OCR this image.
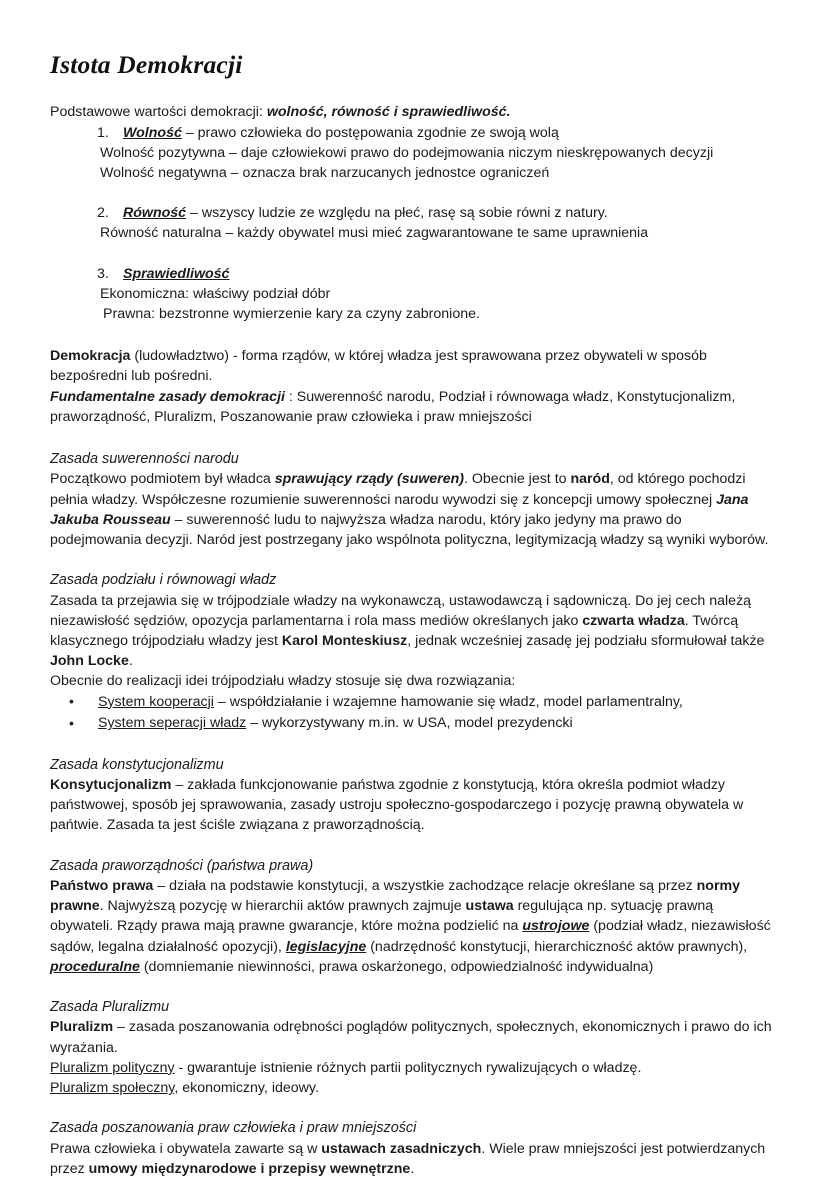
Istota Demokracji

Podstawowe wartości demokracji: wolność, równość i sprawiedliwość.

1. Wolność – prawo człowieka do postępowania zgodnie ze swoją wolą

Wolność pozytywna – daje człowiekowi prawo do podejmowania niczym nieskrępowanych decyzji

Wolność negatywna – oznacza brak narzucanych jednostce ograniczeń

2. Równość – wszyscy ludzie ze względu na płeć, rasę są sobie równi z natury.

Równość naturalna – każdy obywatel musi mieć zagwarantowane te same uprawnienia

3. Sprawiedliwość

Ekonomiczna: właściwy podział dóbr

Prawna: bezstronne wymierzenie kary za czyny zabronione.

Demokracja (ludowładztwo) - forma rządów, w której władza jest sprawowana przez obywateli w sposób bezpośredni lub pośredni.

Fundamentalne zasady demokracji : Suwerenność narodu, Podział i równowaga władz, Konstytucjonalizm, praworządność, Pluralizm, Poszanowanie praw człowieka i praw mniejszości

Zasada suwerenności narodu

Początkowo podmiotem był władca sprawujący rządy (suweren). Obecnie jest to naród, od którego pochodzi pełnia władzy. Współczesne rozumienie suwerenności narodu wywodzi się z koncepcji umowy społecznej Jana Jakuba Rousseau – suwerenność ludu to najwyższa władza narodu, który jako jedyny ma prawo do podejmowania decyzji. Naród jest postrzegany jako wspólnota polityczna, legitymizacją władzy są wyniki wyborów.

Zasada podziału i równowagi władz

Zasada ta przejawia się w trójpodziale władzy na wykonawczą, ustawodawczą i sądowniczą. Do jej cech należą niezawisłość sędziów, opozycja parlamentarna i rola mass mediów określanych jako czwarta władza. Twórcą klasycznego trójpodziału władzy jest Karol Monteskiusz, jednak wcześniej zasadę jej podziału sformułował także John Locke.

Obecnie do realizacji idei trójpodziału władzy stosuje się dwa rozwiązania:

• System kooperacji – współdziałanie i wzajemne hamowanie się władz, model parlamentralny,
• System seperacji władz – wykorzystywany m.in. w USA, model prezydencki

Zasada konstytucjonalizmu

Konsytucjonalizm – zakłada funkcjonowanie państwa zgodnie z konstytucją, która określa podmiot władzy państwowej, sposób jej sprawowania, zasady ustroju społeczno-gospodarczego i pozycję prawną obywatela w pańtwie. Zasada ta jest ściśle związana z praworządnością.

Zasada praworządności (państwa prawa)

Państwo prawa – działa na podstawie konstytucji, a wszystkie zachodzące relacje określane są przez normy prawne. Najwyższą pozycję w hierarchii aktów prawnych zajmuje ustawa regulująca np. sytuację prawną obywateli. Rządy prawa mają prawne gwarancje, które można podzielić na ustrojowe (podział władz, niezawisłość sądów, legalna działalność opozycji), legislacyjne (nadrzędność konstytucji, hierarchiczność aktów prawnych), proceduralne (domniemanie niewinności, prawa oskarżonego, odpowiedzialność indywidualna)

Zasada Pluralizmu

Pluralizm – zasada poszanowania odrębności poglądów politycznych, społecznych, ekonomicznych i prawo do ich wyrażania.

Pluralizm polityczny - gwarantuje istnienie różnych partii politycznych rywalizujących o władzę.

Pluralizm społeczny, ekonomiczny, ideowy.

Zasada poszanowania praw człowieka i praw mniejszości

Prawa człowieka i obywatela zawarte są w ustawach zasadniczych. Wiele praw mniejszości jest potwierdzanych przez umowy międzynarodowe i przepisy wewnętrzne.
